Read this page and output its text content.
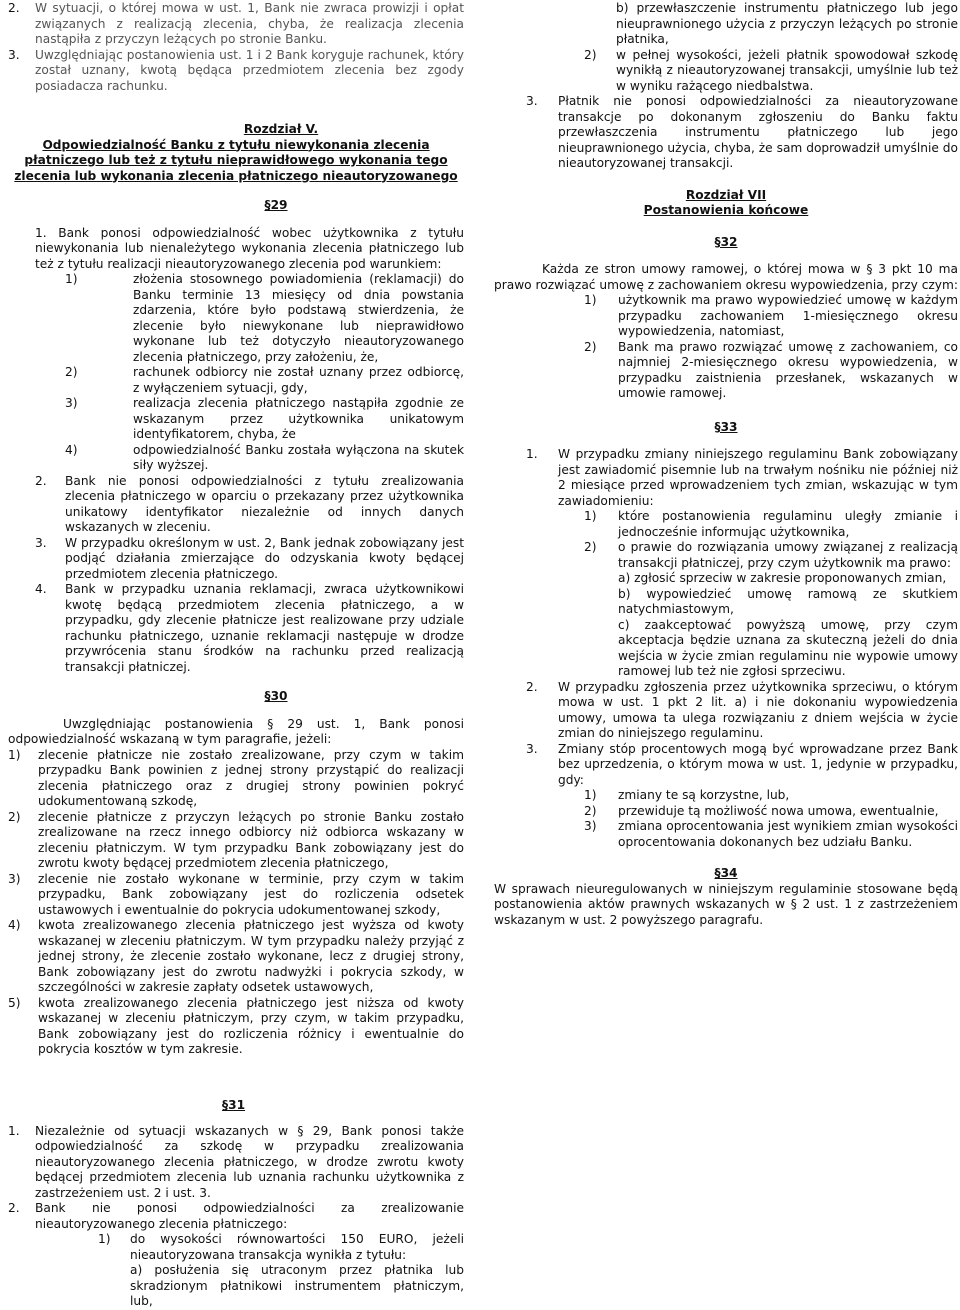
2.	W sytuacji, o której mowa w ust. 1, Bank nie zwraca prowizji i opłat związanych z realizacją zlecenia, chyba, że realizacja zlecenia nastąpiła z przyczyn leżących po stronie Banku.
3.	Uwzględniając postanowienia ust. 1 i 2 Bank koryguje rachunek, który został uznany, kwotą będąca przedmiotem zlecenia bez zgody posiadacza rachunku.
Rozdział V.
Odpowiedzialność Banku z tytułu niewykonania zlecenia płatniczego lub też z tytułu nieprawidłowego wykonania tego zlecenia lub wykonania zlecenia płatniczego nieautoryzowanego
§29
1. Bank ponosi odpowiedzialność wobec użytkownika z tytułu niewykonania lub nienależytego wykonania zlecenia płatniczego lub też z tytułu realizacji nieautoryzowanego zlecenia pod warunkiem:
1)	złożenia stosownego powiadomienia (reklamacji) do Banku terminie 13 miesięcy od dnia powstania zdarzenia, które było podstawą stwierdzenia, że zlecenie było niewykonane lub nieprawidłowo wykonane lub też dotyczyło nieautoryzowanego zlecenia płatniczego, przy założeniu, że,
2)	rachunek odbiorcy nie został uznany przez odbiorcę, z wyłączeniem sytuacji, gdy,
3)	realizacja zlecenia płatniczego nastąpiła zgodnie ze wskazanym przez użytkownika unikatowym identyfikatorem, chyba, że
4)	odpowiedzialność Banku została wyłączona na skutek siły wyższej.
2.	Bank nie ponosi odpowiedzialności z tytułu zrealizowania zlecenia płatniczego w oparciu o przekazany przez użytkownika unikatowy identyfikator niezależnie od innych danych wskazanych w zleceniu.
3.	W przypadku określonym w ust. 2, Bank jednak zobowiązany jest podjąć działania zmierzające do odzyskania kwoty będącej przedmiotem zlecenia płatniczego.
4.	Bank w przypadku uznania reklamacji, zwraca użytkownikowi kwotę będącą przedmiotem zlecenia płatniczego, a w przypadku, gdy zlecenie płatnicze jest realizowane przy udziale rachunku płatniczego, uznanie reklamacji następuje w drodze przywrócenia stanu środków na rachunku przed realizacją transakcji płatniczej.
§30
Uwzględniając postanowienia § 29 ust. 1, Bank ponosi odpowiedzialność wskazaną w tym paragrafie, jeżeli:
1)	zlecenie płatnicze nie zostało zrealizowane, przy czym w takim przypadku Bank powinien z jednej strony przystąpić do realizacji zlecenia płatniczego oraz z drugiej strony powinien pokryć udokumentowaną szkodę,
2)	zlecenie płatnicze z przyczyn leżących po stronie Banku zostało zrealizowane na rzecz innego odbiorcy niż odbiorca wskazany w zleceniu płatniczym. W tym przypadku Bank zobowiązany jest do zwrotu kwoty będącej przedmiotem zlecenia płatniczego,
3)	zlecenie nie zostało wykonane w terminie, przy czym w takim przypadku, Bank zobowiązany jest do rozliczenia odsetek ustawowych i ewentualnie do pokrycia udokumentowanej szkody,
4)	kwota zrealizowanego zlecenia płatniczego jest wyższa od kwoty wskazanej w zleceniu płatniczym. W tym przypadku należy przyjąć z jednej strony, że zlecenie zostało wykonane, lecz z drugiej strony, Bank zobowiązany jest do zwrotu nadwyżki i pokrycia szkody, w szczególności w zakresie zapłaty odsetek ustawowych,
5)	kwota zrealizowanego zlecenia płatniczego jest niższa od kwoty wskazanej w zleceniu płatniczym, przy czym, w takim przypadku, Bank zobowiązany jest do rozliczenia różnicy i ewentualnie do pokrycia kosztów w tym zakresie.
§31
1.	Niezależnie od sytuacji wskazanych w § 29, Bank ponosi także odpowiedzialność za szkodę w przypadku zrealizowania nieautoryzowanego zlecenia płatniczego, w drodze zwrotu kwoty będącej przedmiotem zlecenia lub uznania rachunku użytkownika z zastrzeżeniem ust. 2 i ust. 3.
2.	Bank nie ponosi odpowiedzialności za zrealizowanie nieautoryzowanego zlecenia płatniczego:
1)	do wysokości równowartości 150 EURO, jeżeli nieautoryzowana transakcja wynikła z tytułu:
a) posłużenia się utraconym przez płatnika lub skradzionym płatnikowi instrumentem płatniczym, lub,
b) przewłaszczenie instrumentu płatniczego lub jego nieuprawnionego użycia z przyczyn leżących po stronie płatnika,
2)	w pełnej wysokości, jeżeli płatnik spowodował szkodę wynikłą z nieautoryzowanej transakcji, umyślnie lub też w wyniku rażącego niedbalstwa.
3.	Płatnik nie ponosi odpowiedzialności za nieautoryzowane transakcje po dokonanym zgłoszeniu do Banku faktu przewłaszczenia instrumentu płatniczego lub jego nieuprawnionego użycia, chyba, że sam doprowadził umyślnie do nieautoryzowanej transakcji.
Rozdział VII
Postanowienia końcowe
§32
Każda ze stron umowy ramowej, o której mowa w § 3 pkt 10 ma prawo rozwiązać umowę z zachowaniem okresu wypowiedzenia, przy czym:
1)	użytkownik ma prawo wypowiedzieć umowę w każdym przypadku zachowaniem 1-miesięcznego okresu wypowiedzenia, natomiast,
2)	Bank ma prawo rozwiązać umowę z zachowaniem, co najmniej 2-miesięcznego okresu wypowiedzenia, w przypadku zaistnienia przesłanek, wskazanych w umowie ramowej.
§33
1.	W przypadku zmiany niniejszego regulaminu Bank zobowiązany jest zawiadomić pisemnie lub na trwałym nośniku nie później niż 2 miesiące przed wprowadzeniem tych zmian, wskazując w tym zawiadomieniu:
1)	które postanowienia regulaminu uległy zmianie i jednocześnie informując użytkownika,
2)	o prawie do rozwiązania umowy związanej z realizacją transakcji płatniczej, przy czym użytkownik ma prawo:
a) zgłosić sprzeciw w zakresie proponowanych zmian,
b) wypowiedzieć umowę ramową ze skutkiem natychmiastowym,
c) zaakceptować powyższą umowę, przy czym akceptacja będzie uznana za skuteczną jeżeli do dnia wejścia w życie zmian regulaminu nie wypowie umowy ramowej lub też nie zgłosi sprzeciwu.
2.	W przypadku zgłoszenia przez użytkownika sprzeciwu, o którym mowa w ust. 1 pkt 2 lit. a) i nie dokonaniu wypowiedzenia umowy, umowa ta ulega rozwiązaniu z dniem wejścia w życie zmian do niniejszego regulaminu.
3.	Zmiany stóp procentowych mogą być wprowadzane przez Bank bez uprzedzenia, o którym mowa w ust. 1, jedynie w przypadku, gdy:
1)	zmiany te są korzystne, lub,
2)	przewiduje tą możliwość nowa umowa, ewentualnie,
3)	zmiana oprocentowania jest wynikiem zmian wysokości oprocentowania dokonanych bez udziału Banku.
§34
W sprawach nieuregulowanych w niniejszym regulaminie stosowane będą postanowienia aktów prawnych wskazanych w § 2 ust. 1 z zastrzeżeniem wskazanym w ust. 2 powyższego paragrafu.
